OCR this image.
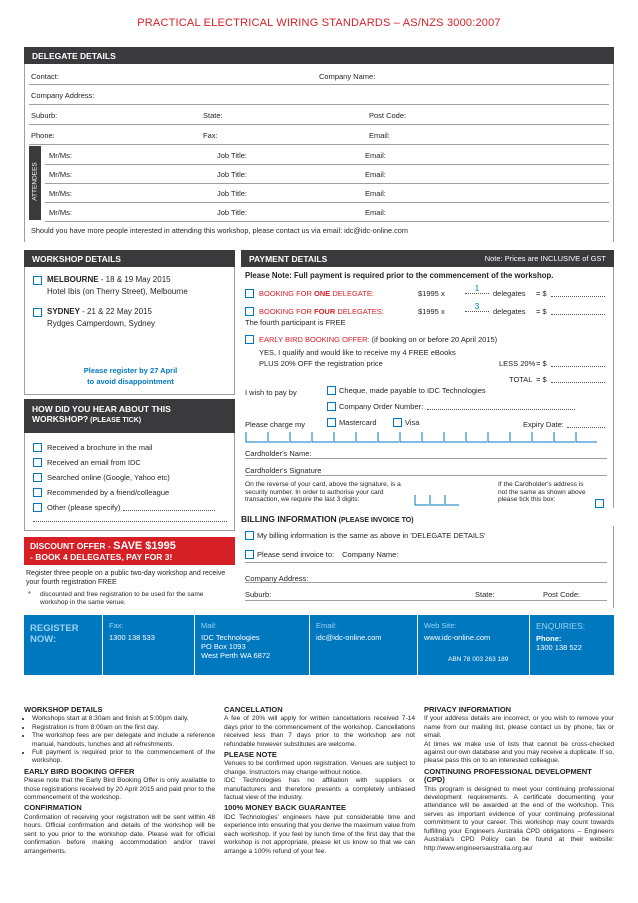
PRACTICAL ELECTRICAL WIRING STANDARDS – AS/NZS 3000:2007
DELEGATE DETAILS
Contact:	Company Name:
Company Address:
Suburb:	State:	Post Code:
Phone:	Fax:	Email:
ATTENDEES
Mr/Ms:	Job Title:	Email:
Mr/Ms:	Job Title:	Email:
Mr/Ms:	Job Title:	Email:
Mr/Ms:	Job Title:	Email:
Should you have more people interested in attending this workshop, please contact us via email: idc@idc-online.com
WORKSHOP DETAILS
MELBOURNE - 18 & 19 May 2015
Hotel Ibis (on Therry Street), Melbourne
SYDNEY - 21 & 22 May 2015
Rydges Camperdown, Sydney
Please register by 27 April
to avoid disappointment
HOW DID YOU HEAR ABOUT THIS
WORKSHOP? (PLEASE TICK)
Received a brochure in the mail
Received an email from IDC
Searched online (Google, Yahoo etc)
Recommended by a friend/colleague
Other (please specify)
DISCOUNT OFFER - SAVE $1995
- BOOK 4 DELEGATES, PAY FOR 3!
Register three people on a public two-day workshop and receive your fourth registration FREE
* discounted and free registration to be used for the same workshop in the same venue.
PAYMENT DETAILS	Note: Prices are INCLUSIVE of GST
Please Note: Full payment is required prior to the commencement of the workshop.
BOOKING FOR ONE DELEGATE:	$1995 x
1
delegates = $
BOOKING FOR FOUR DELEGATES:	$1995 x
3
delegates = $
The fourth participant is FREE
EARLY BIRD BOOKING OFFER: (if booking on or before 20 April 2015)
YES, I qualify and would like to receive my 4 FREE eBooks
PLUS 20% OFF the registration price	LESS 20% = $
TOTAL = $
I wish to pay by	Cheque, made payable to IDC Technologies
Company Order Number:
Please charge my	Mastercard	Visa	Expiry Date:
Cardholder's Name:
Cardholder's Signature
On the reverse of your card, above the signature, is a security number. In order to authorise your card transaction, we require the last 3 digits:
If the Cardholder's address is not the same as shown above please tick this box:
BILLING INFORMATION (PLEASE INVOICE TO)
My billing information is the same as above in 'DELEGATE DETAILS'
Please send invoice to: Company Name:
Company Address:
Suburb:	State:	Post Code:
REGISTER
NOW:
Fax:
1300 138 533
Mail:
IDC Technologies
PO Box 1093
West Perth WA 6872
Email:
idc@idc-online.com
Web Site:
www.idc-online.com
ABN 78 003 263 189
ENQUIRIES:
Phone:
1300 138 522
WORKSHOP DETAILS
• Workshops start at 8:30am and finish at 5:00pm daily.
• Registration is from 8:00am on the first day.
• The workshop fees are per delegate and include a reference manual, handouts, lunches and all refreshments.
• Full payment is required prior to the commencement of the workshop.
EARLY BIRD BOOKING OFFER

Please note that the Early Bird Booking Offer is only available to those registrations received by 20 April 2015 and paid prior to the commencement of the workshop.

CONFIRMATION

Confirmation of receiving your registration will be sent within 48 hours. Official confirmation and details of the workshop will be sent to you prior to the workshop date. Please wait for official confirmation before making accommodation and/or travel arrangements.

CANCELLATION

A fee of 20% will apply for written cancellations received 7-14 days prior to the commencement of the workshop. Cancellations received less than 7 days prior to the workshop are not refundable however substitutes are welcome.

PLEASE NOTE

Venues to be confirmed upon registration. Venues are subject to change. Instructors may change without notice.

IDC Technologies has no affiliation with suppliers or manufacturers and therefore presents a completely unbiased factual view of the industry.

100% MONEY BACK GUARANTEE

IDC Technologies' engineers have put considerable time and experience into ensuring that you derive the maximum value from each workshop. If you feel by lunch time of the first day that the workshop is not appropriate, please let us know so that we can arrange a 100% refund of your fee.

PRIVACY INFORMATION

If your address details are incorrect, or you wish to remove your name from our mailing list, please contact us by phone, fax or email.

At times we make use of lists that cannot be cross-checked against our own database and you may receive a duplicate. If so, please pass this on to an interested colleague.

CONTINUING PROFESSIONAL DEVELOPMENT (CPD)

This program is designed to meet your continuing professional development requirements. A certificate documenting your attendance will be awarded at the end of the workshop. This serves as important evidence of your continuing professional commitment to your career. This workshop may count towards fulfilling your Engineers Australia CPD obligations – Engineers Australia's CPD Policy can be found at their website: http://www.engineersaustralia.org.au/
